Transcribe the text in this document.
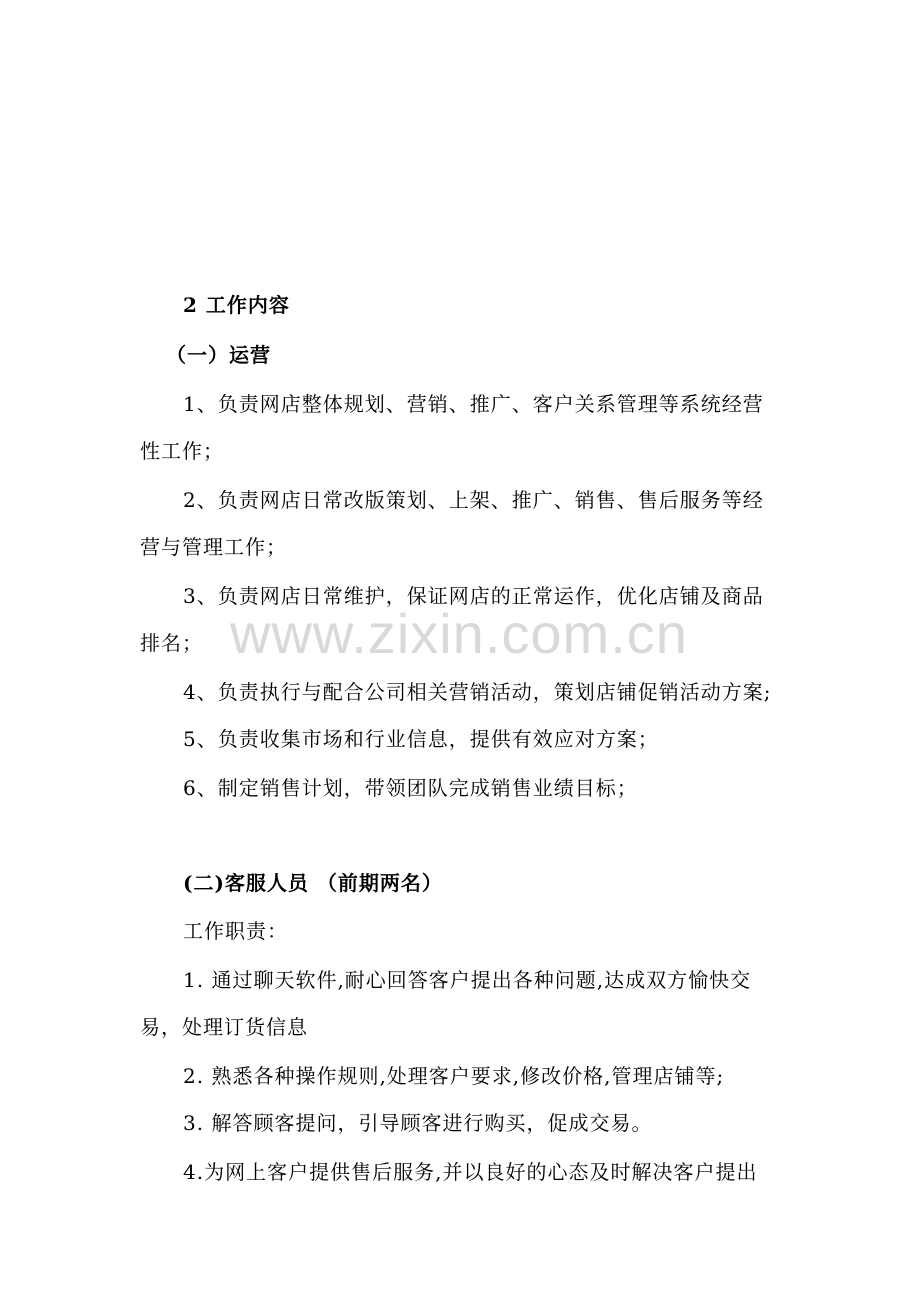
www.zixin.com.cn
2 工作内容
（一）运营
1、负责网店整体规划、营销、推广、客户关系管理等系统经营
性工作；
2、负责网店日常改版策划、上架、推广、销售、售后服务等经
营与管理工作；
3、负责网店日常维护，保证网店的正常运作，优化店铺及商品
排名；
4、负责执行与配合公司相关营销活动，策划店铺促销活动方案;
5、负责收集市场和行业信息，提供有效应对方案；
6、制定销售计划，带领团队完成销售业绩目标；
(二)客服人员 （前期两名）
工作职责：
1. 通过聊天软件,耐心回答客户提出各种问题,达成双方愉快交
易，处理订货信息
2. 熟悉各种操作规则,处理客户要求,修改价格,管理店铺等;
3. 解答顾客提问，引导顾客进行购买，促成交易。
4.为网上客户提供售后服务,并以良好的心态及时解决客户提出
